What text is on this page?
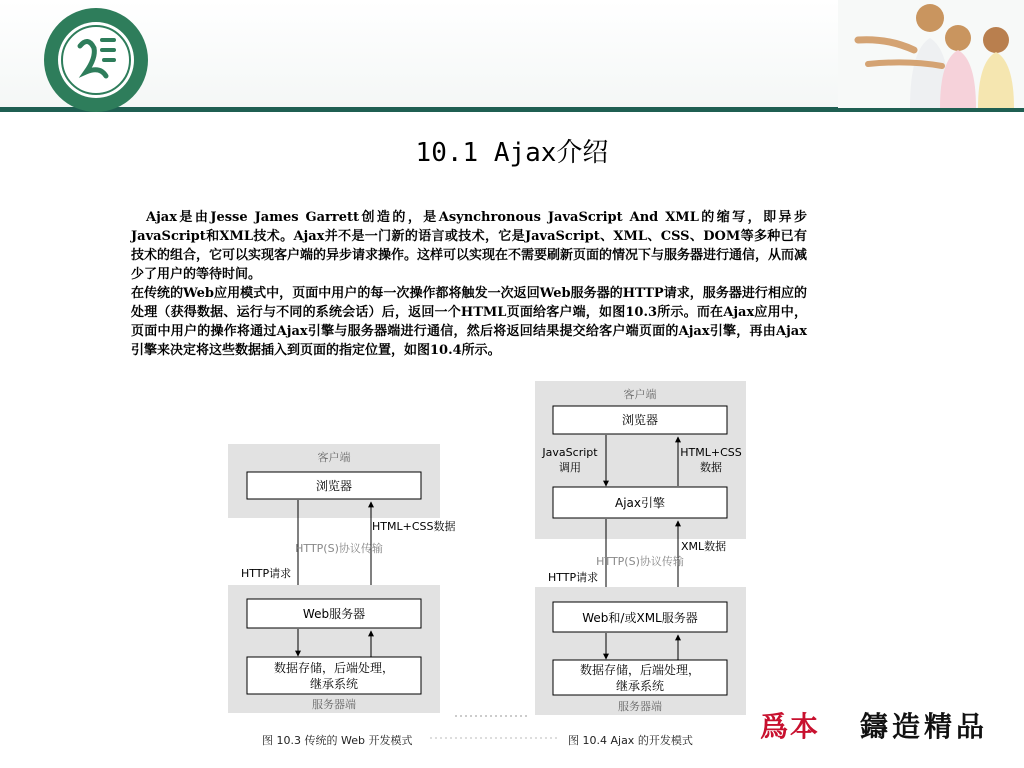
10.1 Ajax介绍

Ajax是由Jesse James Garrett创造的，是Asynchronous JavaScript And XML的缩写，即异步JavaScript和XML技术。Ajax并不是一门新的语言或技术，它是JavaScript、XML、CSS、DOM等多种已有技术的组合，它可以实现客户端的异步请求操作。这样可以实现在不需要刷新页面的情况下与服务器进行通信，从而减少了用户的等待时间。

在传统的Web应用模式中，页面中用户的每一次操作都将触发一次返回Web服务器的HTTP请求，服务器进行相应的处理（获得数据、运行与不同的系统会话）后，返回一个HTML页面给客户端，如图10.3所示。而在Ajax应用中，页面中用户的操作将通过Ajax引擎与服务器端进行通信，然后将返回结果提交给客户端页面的Ajax引擎，再由Ajax引擎来决定将这些数据插入到页面的指定位置，如图10.4所示。

客户端
浏览器
HTML+CSS数据
HTTP(S)协议传输
HTTP请求
Web服务器
数据存储，后端处理，
继承系统
服务器端
客户端
浏览器
JavaScript
调用
HTML+CSS
数据
Ajax引擎
XML数据
HTTP(S)协议传输
HTTP请求
Web和/或XML服务器
数据存储，后端处理，
继承系统
服务器端
图 10.3 传统的 Web 开发模式	图 10.4 Ajax 的开发模式 爲本 鑄造精品
